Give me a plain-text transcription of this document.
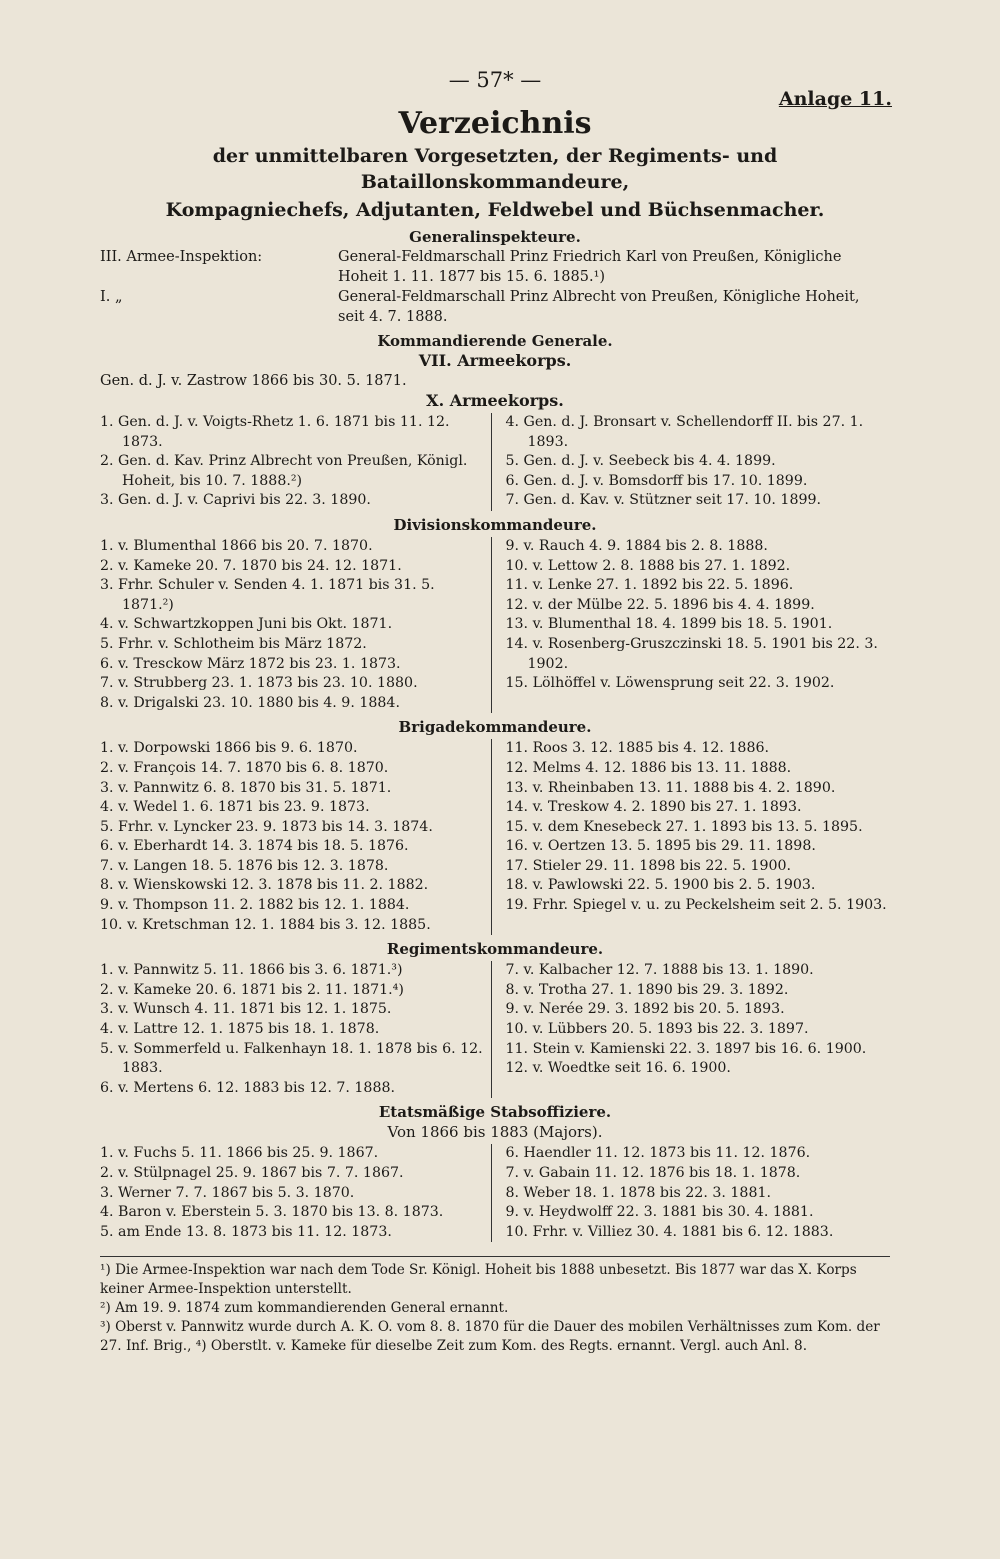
— 57* —
Anlage 11.
Verzeichnis
der unmittelbaren Vorgesetzten, der Regiments- und Bataillonskommandeure,
Kompagniechefs, Adjutanten, Feldwebel und Büchsenmacher.
Generalinspekteure.
III. Armee-Inspektion:	General-Feldmarschall Prinz Friedrich Karl von Preußen, Königliche Hoheit 1. 11. 1877 bis 15. 6. 1885.¹)
I. „	General-Feldmarschall Prinz Albrecht von Preußen, Königliche Hoheit, seit 4. 7. 1888.
Kommandierende Generale.
VII. Armeekorps.
Gen. d. J. v. Zastrow 1866 bis 30. 5. 1871.
X. Armeekorps.
1. Gen. d. J. v. Voigts-Rhetz 1. 6. 1871 bis 11. 12. 1873.
2. Gen. d. Kav. Prinz Albrecht von Preußen, Königl. Hoheit, bis 10. 7. 1888.²)
3. Gen. d. J. v. Caprivi bis 22. 3. 1890.
4. Gen. d. J. Bronsart v. Schellendorff II. bis 27. 1. 1893.
5. Gen. d. J. v. Seebeck bis 4. 4. 1899.
6. Gen. d. J. v. Bomsdorff bis 17. 10. 1899.
7. Gen. d. Kav. v. Stützner seit 17. 10. 1899.
Divisionskommandeure.
1. v. Blumenthal 1866 bis 20. 7. 1870.
2. v. Kameke 20. 7. 1870 bis 24. 12. 1871.
3. Frhr. Schuler v. Senden 4. 1. 1871 bis 31. 5. 1871.²)
4. v. Schwartzkoppen Juni bis Okt. 1871.
5. Frhr. v. Schlotheim bis März 1872.
6. v. Tresckow März 1872 bis 23. 1. 1873.
7. v. Strubberg 23. 1. 1873 bis 23. 10. 1880.
8. v. Drigalski 23. 10. 1880 bis 4. 9. 1884.
9. v. Rauch 4. 9. 1884 bis 2. 8. 1888.
10. v. Lettow 2. 8. 1888 bis 27. 1. 1892.
11. v. Lenke 27. 1. 1892 bis 22. 5. 1896.
12. v. der Mülbe 22. 5. 1896 bis 4. 4. 1899.
13. v. Blumenthal 18. 4. 1899 bis 18. 5. 1901.
14. v. Rosenberg-Gruszczinski 18. 5. 1901 bis 22. 3. 1902.
15. Lölhöffel v. Löwensprung seit 22. 3. 1902.
Brigadekommandeure.
1. v. Dorpowski 1866 bis 9. 6. 1870.
2. v. François 14. 7. 1870 bis 6. 8. 1870.
3. v. Pannwitz 6. 8. 1870 bis 31. 5. 1871.
4. v. Wedel 1. 6. 1871 bis 23. 9. 1873.
5. Frhr. v. Lyncker 23. 9. 1873 bis 14. 3. 1874.
6. v. Eberhardt 14. 3. 1874 bis 18. 5. 1876.
7. v. Langen 18. 5. 1876 bis 12. 3. 1878.
8. v. Wienskowski 12. 3. 1878 bis 11. 2. 1882.
9. v. Thompson 11. 2. 1882 bis 12. 1. 1884.
10. v. Kretschman 12. 1. 1884 bis 3. 12. 1885.
11. Roos 3. 12. 1885 bis 4. 12. 1886.
12. Melms 4. 12. 1886 bis 13. 11. 1888.
13. v. Rheinbaben 13. 11. 1888 bis 4. 2. 1890.
14. v. Treskow 4. 2. 1890 bis 27. 1. 1893.
15. v. dem Knesebeck 27. 1. 1893 bis 13. 5. 1895.
16. v. Oertzen 13. 5. 1895 bis 29. 11. 1898.
17. Stieler 29. 11. 1898 bis 22. 5. 1900.
18. v. Pawlowski 22. 5. 1900 bis 2. 5. 1903.
19. Frhr. Spiegel v. u. zu Peckelsheim seit 2. 5. 1903.
Regimentskommandeure.
1. v. Pannwitz 5. 11. 1866 bis 3. 6. 1871.³)
2. v. Kameke 20. 6. 1871 bis 2. 11. 1871.⁴)
3. v. Wunsch 4. 11. 1871 bis 12. 1. 1875.
4. v. Lattre 12. 1. 1875 bis 18. 1. 1878.
5. v. Sommerfeld u. Falkenhayn 18. 1. 1878 bis 6. 12. 1883.
6. v. Mertens 6. 12. 1883 bis 12. 7. 1888.
7. v. Kalbacher 12. 7. 1888 bis 13. 1. 1890.
8. v. Trotha 27. 1. 1890 bis 29. 3. 1892.
9. v. Nerée 29. 3. 1892 bis 20. 5. 1893.
10. v. Lübbers 20. 5. 1893 bis 22. 3. 1897.
11. Stein v. Kamienski 22. 3. 1897 bis 16. 6. 1900.
12. v. Woedtke seit 16. 6. 1900.
Etatsmäßige Stabsoffiziere.
Von 1866 bis 1883 (Majors).
1. v. Fuchs 5. 11. 1866 bis 25. 9. 1867.
2. v. Stülpnagel 25. 9. 1867 bis 7. 7. 1867.
3. Werner 7. 7. 1867 bis 5. 3. 1870.
4. Baron v. Eberstein 5. 3. 1870 bis 13. 8. 1873.
5. am Ende 13. 8. 1873 bis 11. 12. 1873.
6. Haendler 11. 12. 1873 bis 11. 12. 1876.
7. v. Gabain 11. 12. 1876 bis 18. 1. 1878.
8. Weber 18. 1. 1878 bis 22. 3. 1881.
9. v. Heydwolff 22. 3. 1881 bis 30. 4. 1881.
10. Frhr. v. Villiez 30. 4. 1881 bis 6. 12. 1883.
¹) Die Armee-Inspektion war nach dem Tode Sr. Königl. Hoheit bis 1888 unbesetzt. Bis 1877 war das X. Korps keiner Armee-Inspektion unterstellt.
²) Am 19. 9. 1874 zum kommandierenden General ernannt.
³) Oberst v. Pannwitz wurde durch A. K. O. vom 8. 8. 1870 für die Dauer des mobilen Verhältnisses zum Kom. der 27. Inf. Brig., ⁴) Oberstlt. v. Kameke für dieselbe Zeit zum Kom. des Regts. ernannt. Vergl. auch Anl. 8.
